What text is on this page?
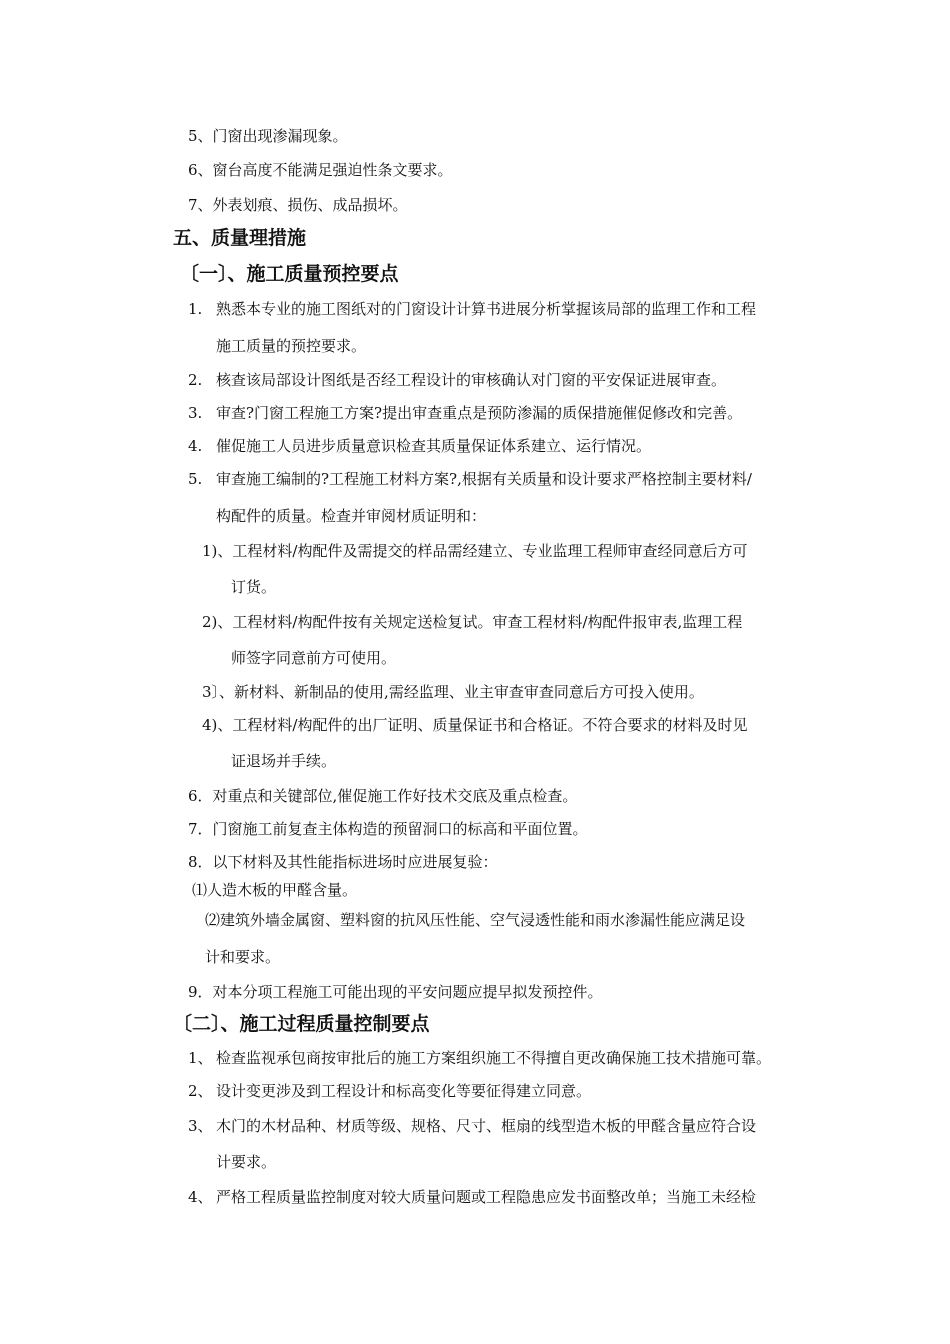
5、门窗出现渗漏现象。
6、窗台高度不能满足强迫性条文要求。
7、外表划痕、损伤、成品损坏。
五、质量理措施
〔一〕、施工质量预控要点
1. 熟悉本专业的施工图纸对的门窗设计计算书进展分析掌握该局部的监理工作和工程
施工质量的预控要求。
2. 核查该局部设计图纸是否经工程设计的审核确认对门窗的平安保证进展审查。
3. 审查?门窗工程施工方案?提出审查重点是预防渗漏的质保措施催促修改和完善。
4. 催促施工人员进步质量意识检查其质量保证体系建立、运行情况。
5. 审查施工编制的?工程施工材料方案?,根据有关质量和设计要求严格控制主要材料/
构配件的质量。检查并审阅材质证明和：
1)、工程材料/构配件及需提交的样品需经建立、专业监理工程师审查经同意后方可
订货。
2)、工程材料/构配件按有关规定送检复试。审查工程材料/构配件报审表,监理工程
师签字同意前方可使用。
3〕、新材料、新制品的使用,需经监理、业主审查审查同意后方可投入使用。
4)、工程材料/构配件的出厂证明、质量保证书和合格证。不符合要求的材料及时见
证退场并手续。
6．对重点和关键部位,催促施工作好技术交底及重点检查。
7．门窗施工前复查主体构造的预留洞口的标高和平面位置。
8．以下材料及其性能指标进场时应进展复验：
⑴人造木板的甲醛含量。
⑵建筑外墙金属窗、塑料窗的抗风压性能、空气浸透性能和雨水渗漏性能应满足设
计和要求。
9．对本分项工程施工可能出现的平安问题应提早拟发预控件。
〔二〕、施工过程质量控制要点
1、 检查监视承包商按审批后的施工方案组织施工不得擅自更改确保施工技术措施可靠。
2、 设计变更涉及到工程设计和标高变化等要征得建立同意。
3、 木门的木材品种、材质等级、规格、尺寸、框扇的线型造木板的甲醛含量应符合设
计要求。
4、 严格工程质量监控制度对较大质量问题或工程隐患应发书面整改单；当施工未经检
